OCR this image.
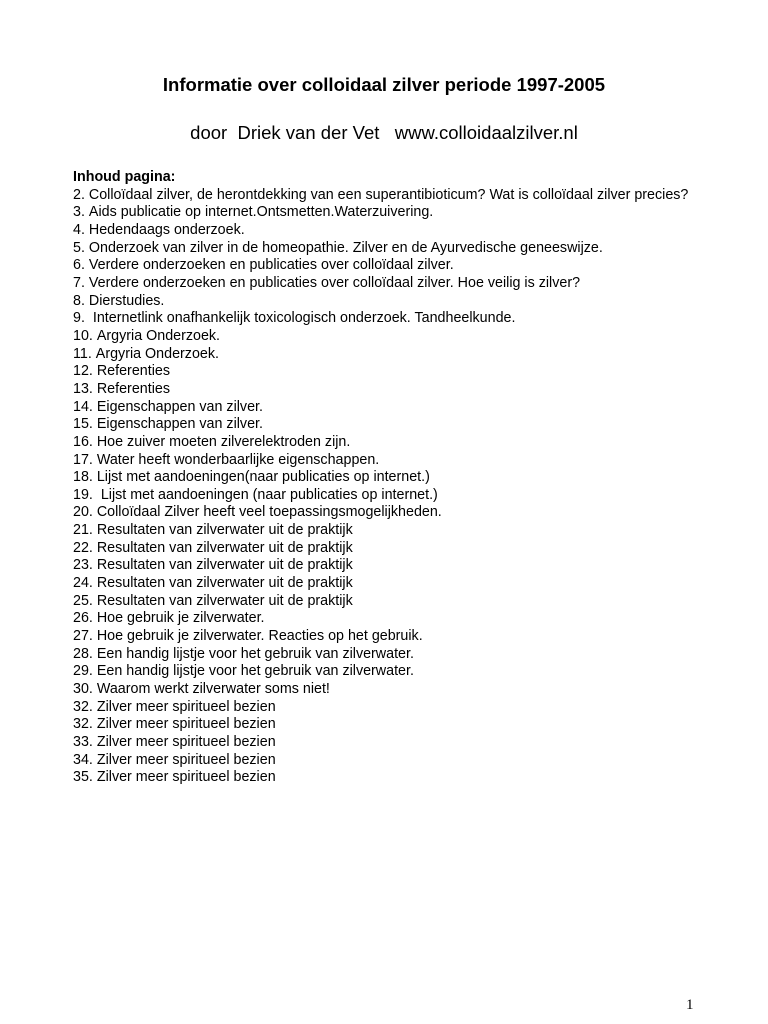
Informatie over colloidaal zilver periode 1997-2005
door  Driek van der Vet   www.colloidaalzilver.nl
Inhoud pagina:
2. Colloïdaal zilver, de herontdekking van een superantibioticum? Wat is colloïdaal zilver precies?
3. Aids publicatie op internet.Ontsmetten.Waterzuivering.
4. Hedendaags onderzoek.
5. Onderzoek van zilver in de homeopathie. Zilver en de Ayurvedische geneeswijze.
6. Verdere onderzoeken en publicaties over colloïdaal zilver.
7. Verdere onderzoeken en publicaties over colloïdaal zilver. Hoe veilig is zilver?
8. Dierstudies.
9. Internetlink onafhankelijk toxicologisch onderzoek. Tandheelkunde.
10. Argyria Onderzoek.
11. Argyria Onderzoek.
12. Referenties
13. Referenties
14. Eigenschappen van zilver.
15. Eigenschappen van zilver.
16. Hoe zuiver moeten zilverelektroden zijn.
17. Water heeft wonderbaarlijke eigenschappen.
18. Lijst met aandoeningen(naar publicaties op internet.)
19. Lijst met aandoeningen (naar publicaties op internet.)
20. Colloïdaal Zilver heeft veel toepassingsmogelijkheden.
21. Resultaten van zilverwater uit de praktijk
22. Resultaten van zilverwater uit de praktijk
23. Resultaten van zilverwater uit de praktijk
24. Resultaten van zilverwater uit de praktijk
25. Resultaten van zilverwater uit de praktijk
26. Hoe gebruik je zilverwater.
27. Hoe gebruik je zilverwater. Reacties op het gebruik.
28. Een handig lijstje voor het gebruik van zilverwater.
29. Een handig lijstje voor het gebruik van zilverwater.
30. Waarom werkt zilverwater soms niet!
32. Zilver meer spiritueel bezien
32. Zilver meer spiritueel bezien
33. Zilver meer spiritueel bezien
34. Zilver meer spiritueel bezien
35. Zilver meer spiritueel bezien
1
